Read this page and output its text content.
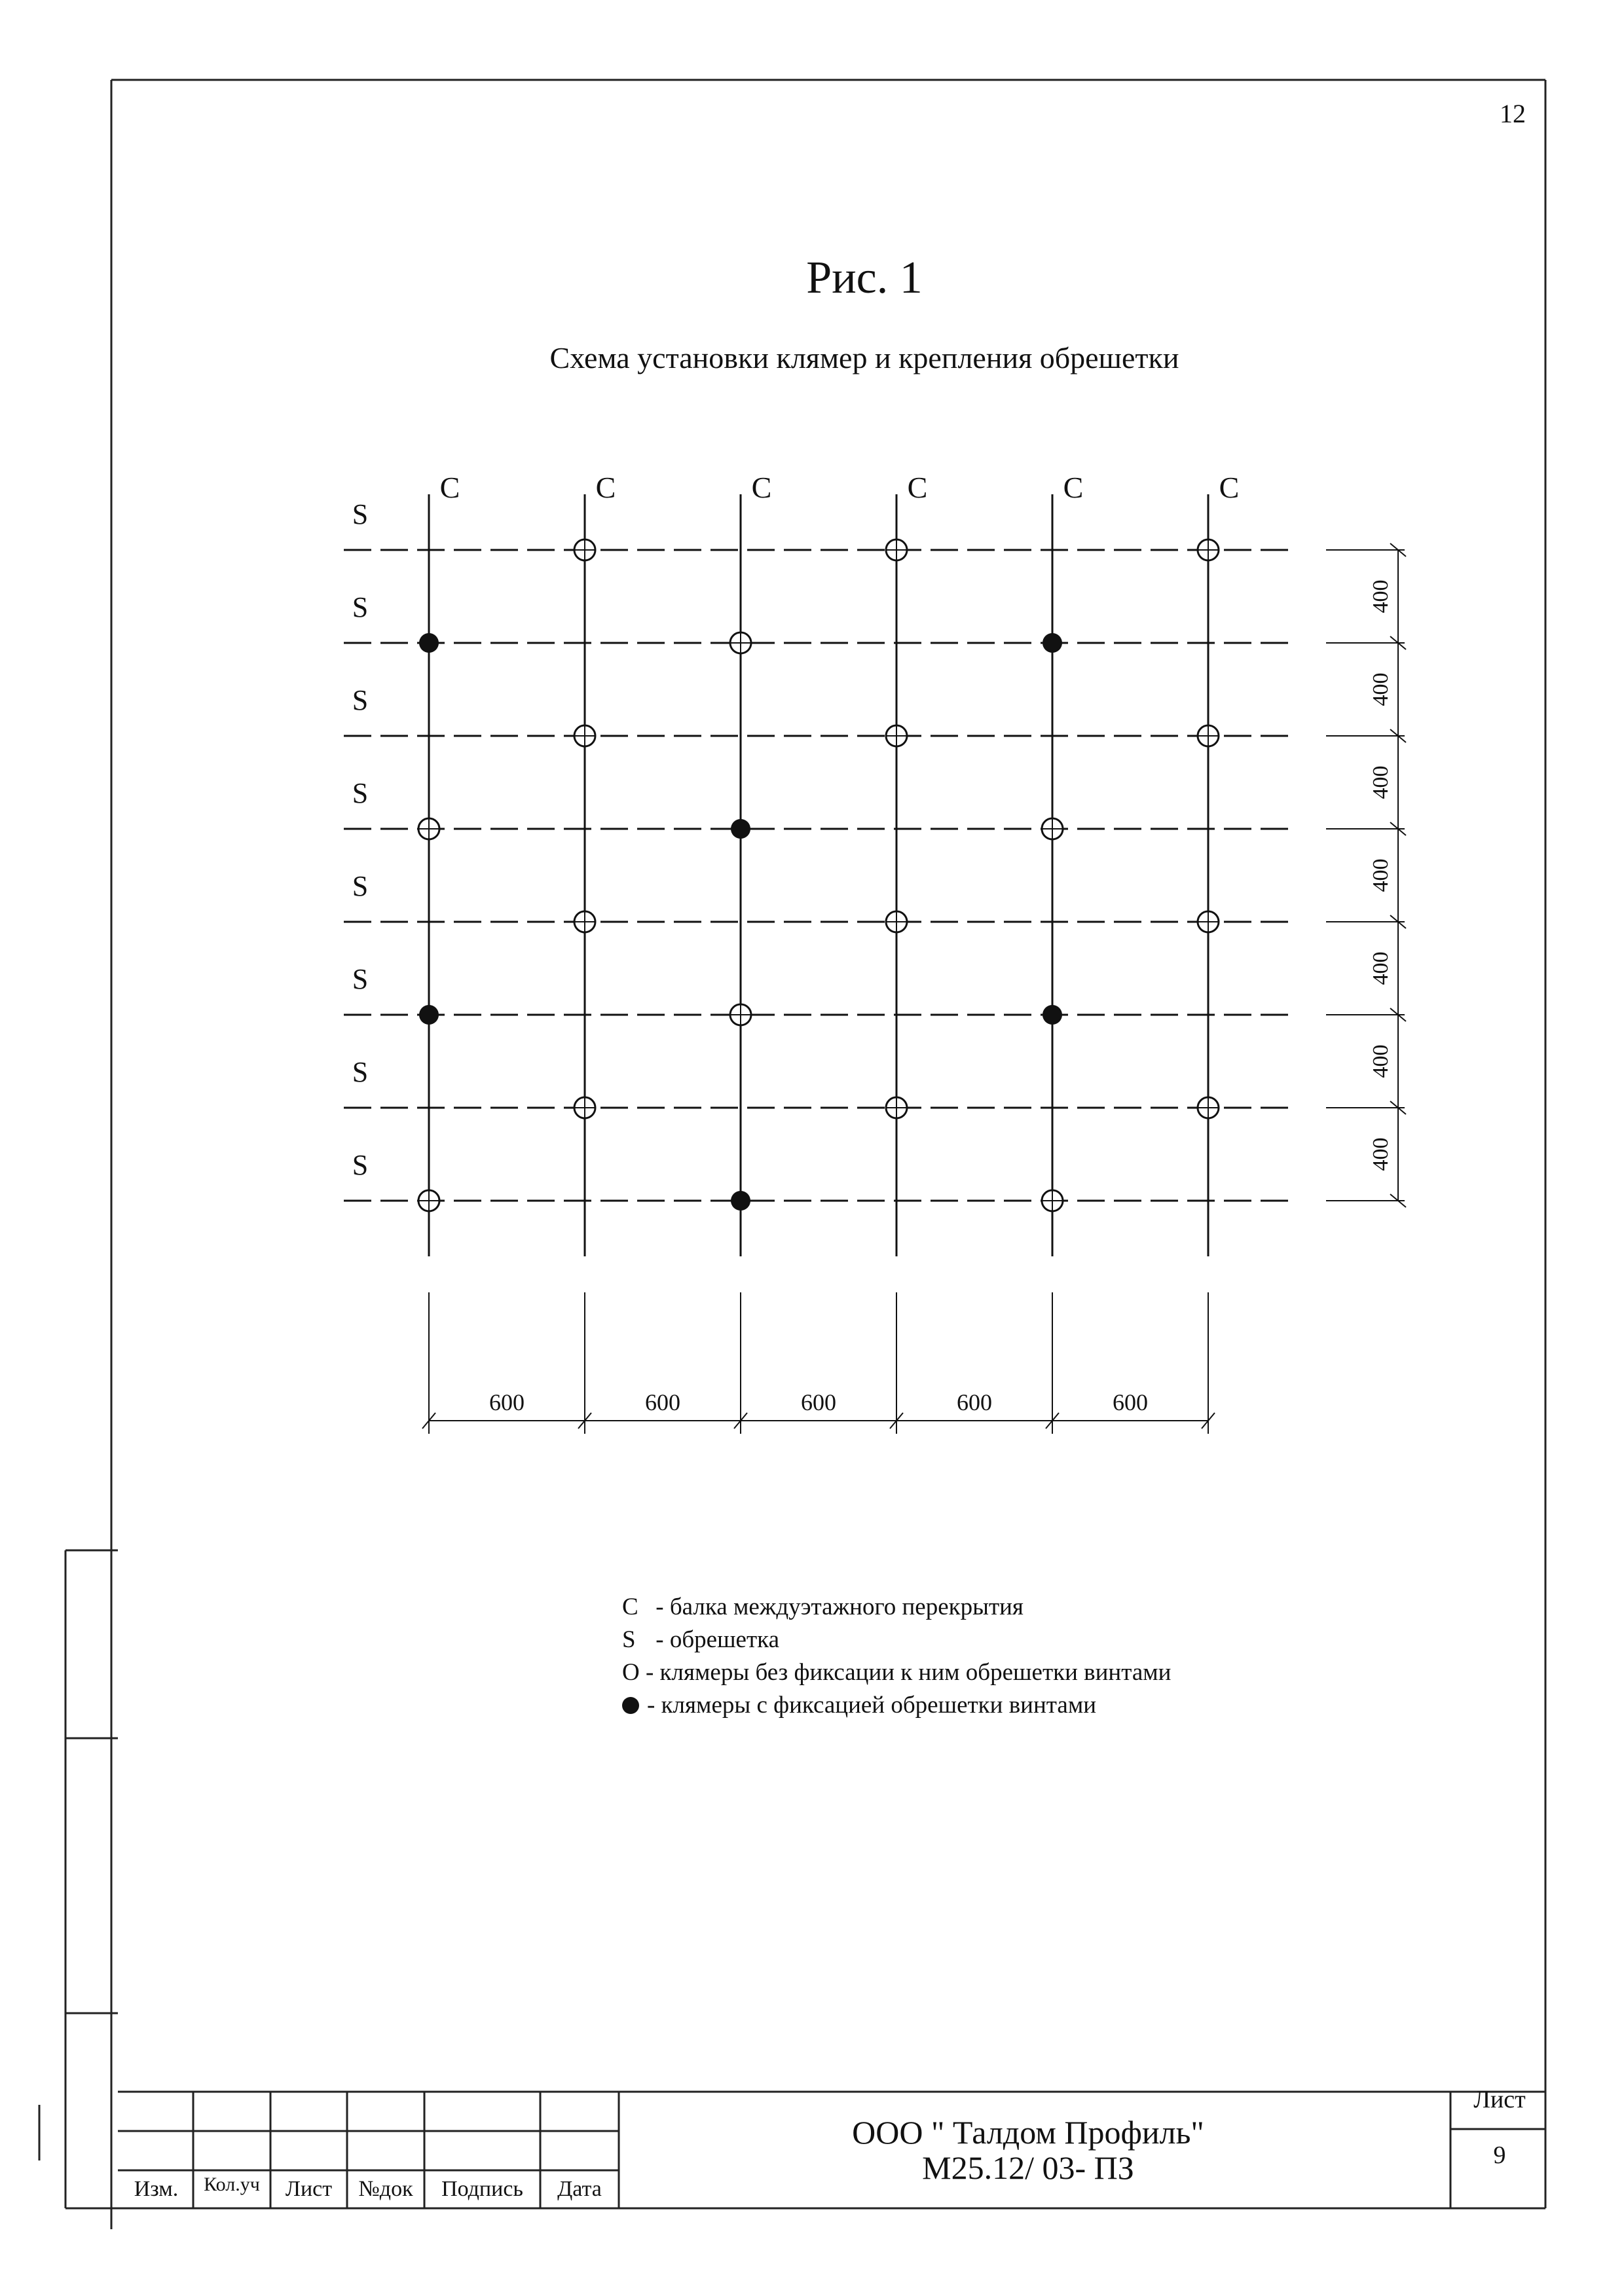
S
S
S
S
S
S
S
S
C	C	C	C	C	C
600	600	600	600	600
400
400
400
400
400
400
400
12
Рис. 1
Схема установки клямер и крепления обрешетки
C - балка междуэтажного перекрытия
S - обрешетка
О - клямеры без фиксации к ним обрешетки винтами
- клямеры с фиксацией обрешетки винтами
Изм.	Кол.уч	Лист	№док	Подпись	Дата
ООО " Талдом Профиль"
М25.12/ 03- ПЗ
Лист
9
